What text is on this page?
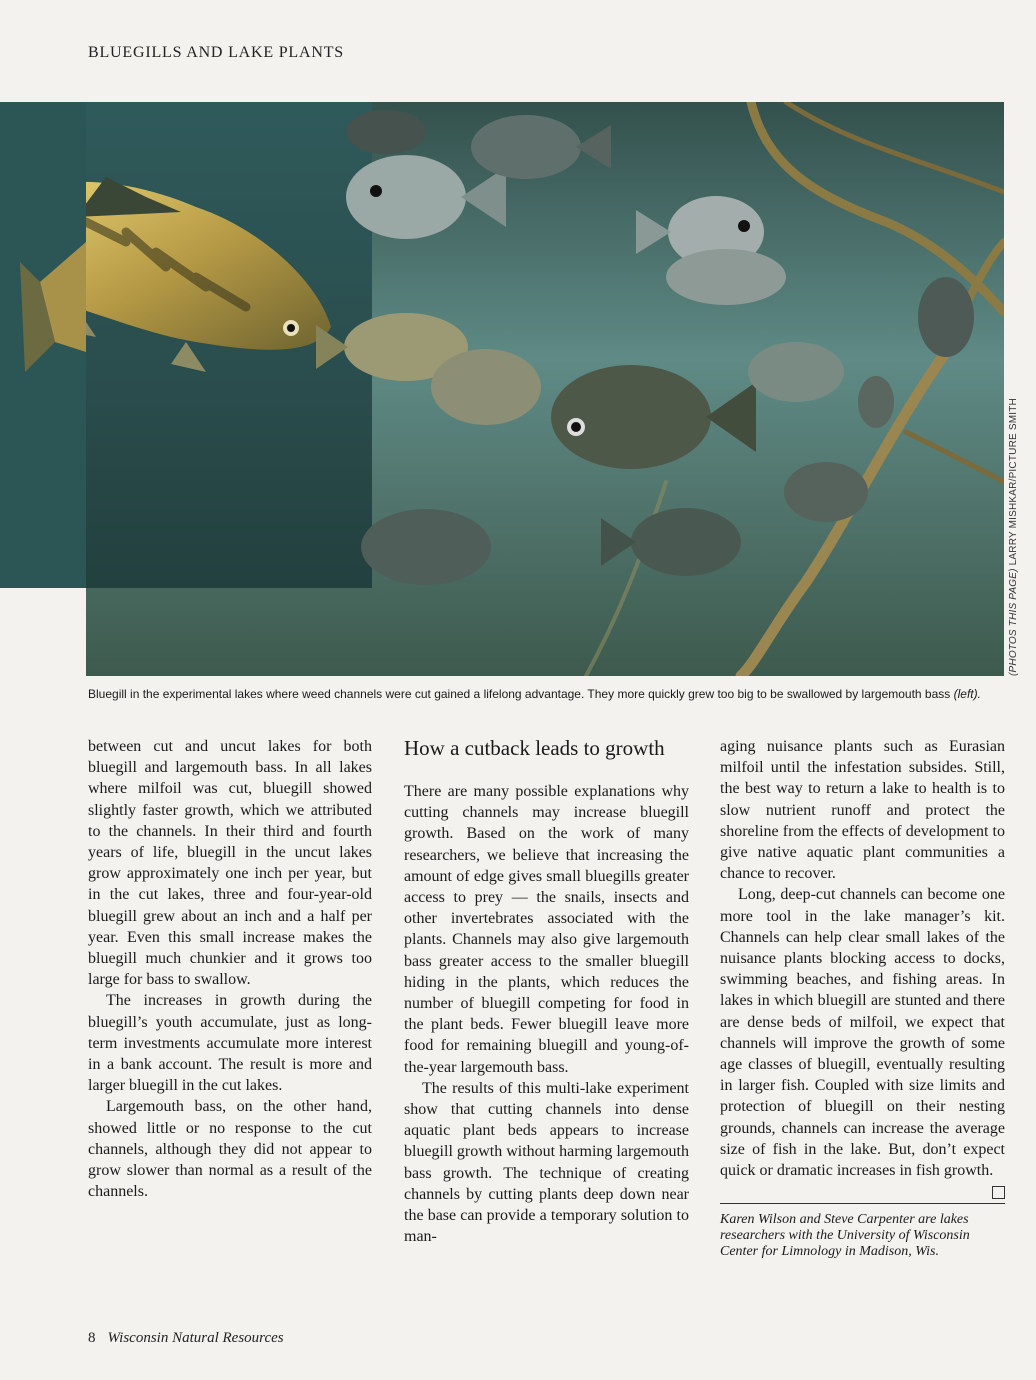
BLUEGILLS AND LAKE PLANTS
(PHOTOS THIS PAGE) LARRY MISHKAR/PICTURE SMITH
Bluegill in the experimental lakes where weed channels were cut gained a lifelong advantage. They more quickly grew too big to be swallowed by largemouth bass (left).

between cut and uncut lakes for both bluegill and largemouth bass. In all lakes where milfoil was cut, bluegill showed slightly faster growth, which we attributed to the channels. In their third and fourth years of life, bluegill in the uncut lakes grow approximately one inch per year, but in the cut lakes, three and four-year-old bluegill grew about an inch and a half per year. Even this small increase makes the bluegill much chunkier and it grows too large for bass to swallow.

The increases in growth during the bluegill’s youth accumulate, just as long-term investments accumulate more interest in a bank account. The result is more and larger bluegill in the cut lakes.

Largemouth bass, on the other hand, showed little or no response to the cut channels, although they did not appear to grow slower than normal as a result of the channels.

How a cutback leads to growth

There are many possible explanations why cutting channels may increase bluegill growth. Based on the work of many researchers, we believe that increasing the amount of edge gives small bluegills greater access to prey — the snails, insects and other invertebrates associated with the plants. Channels may also give largemouth bass greater access to the smaller bluegill hiding in the plants, which reduces the number of bluegill competing for food in the plant beds. Fewer bluegill leave more food for remaining bluegill and young-of-the-year largemouth bass.

The results of this multi-lake experiment show that cutting channels into dense aquatic plant beds appears to increase bluegill growth without harming largemouth bass growth. The technique of creating channels by cutting plants deep down near the base can provide a temporary solution to man-

aging nuisance plants such as Eurasian milfoil until the infestation subsides. Still, the best way to return a lake to health is to slow nutrient runoff and protect the shoreline from the effects of development to give native aquatic plant communities a chance to recover.

Long, deep-cut channels can become one more tool in the lake manager’s kit. Channels can help clear small lakes of the nuisance plants blocking access to docks, swimming beaches, and fishing areas. In lakes in which bluegill are stunted and there are dense beds of milfoil, we expect that channels will improve the growth of some age classes of bluegill, eventually resulting in larger fish. Coupled with size limits and protection of bluegill on their nesting grounds, channels can increase the average size of fish in the lake. But, don’t expect quick or dramatic increases in fish growth.

Karen Wilson and Steve Carpenter are lakes researchers with the University of Wisconsin Center for Limnology in Madison, Wis.

8 Wisconsin Natural Resources
